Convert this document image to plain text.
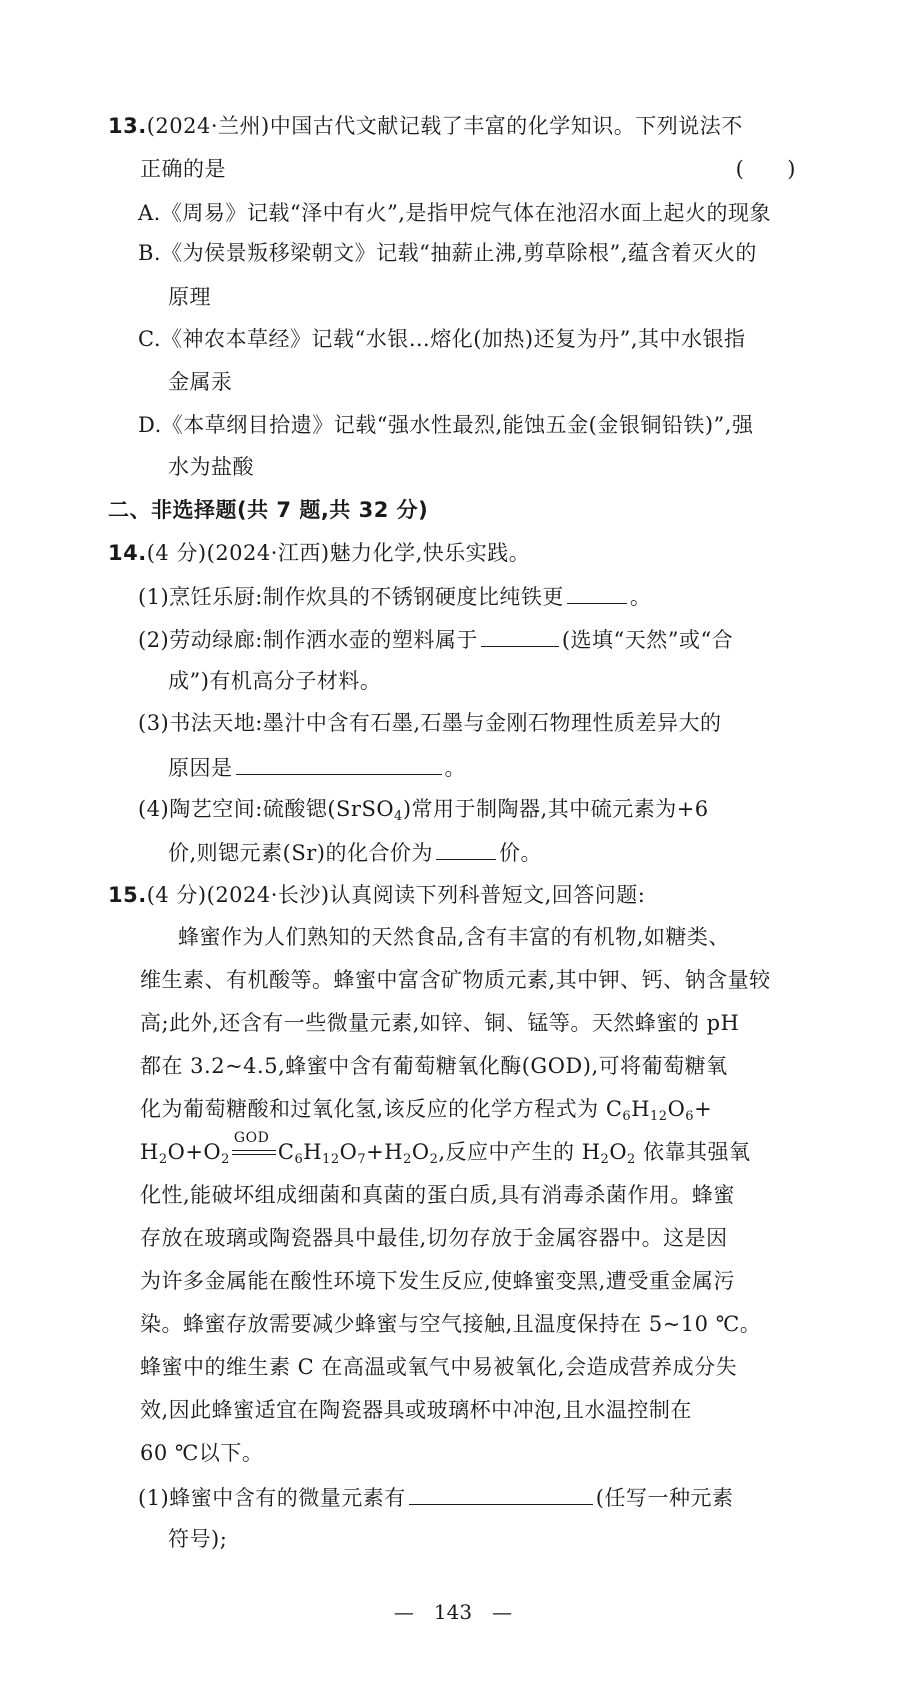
13.(2024·兰州)中国古代文献记载了丰富的化学知识。下列说法不
正确的是	(　　)
A.《周易》记载“泽中有火”,是指甲烷气体在池沼水面上起火的现象
B.《为侯景叛移梁朝文》记载“抽薪止沸,剪草除根”,蕴含着灭火的
原理
C.《神农本草经》记载“水银…熔化(加热)还复为丹”,其中水银指
金属汞
D.《本草纲目拾遗》记载“强水性最烈,能蚀五金(金银铜铅铁)”,强
水为盐酸
二、非选择题(共 7 题,共 32 分)
14.(4 分)(2024·江西)魅力化学,快乐实践。
(1)烹饪乐厨:制作炊具的不锈钢硬度比纯铁更	。
(2)劳动绿廊:制作洒水壶的塑料属于	(选填“天然”或“合
成”)有机高分子材料。
(3)书法天地:墨汁中含有石墨,石墨与金刚石物理性质差异大的
原因是	。
(4)陶艺空间:硫酸锶(SrSO$_4$)常用于制陶器,其中硫元素为+6
价,则锶元素(Sr)的化合价为	价。
15.(4 分)(2024·长沙)认真阅读下列科普短文,回答问题:
蜂蜜作为人们熟知的天然食品,含有丰富的有机物,如糖类、
维生素、有机酸等。蜂蜜中富含矿物质元素,其中钾、钙、钠含量较
高;此外,还含有一些微量元素,如锌、铜、锰等。天然蜂蜜的 pH
都在 3.2~4.5,蜂蜜中含有葡萄糖氧化酶(GOD),可将葡萄糖氧
化为葡萄糖酸和过氧化氢,该反应的化学方程式为 $C_6H_{12}O_6+$
$H_2O+O_2$
GOD
$C_6H_{12}O_7+H_2O_2$,反应中产生的 $H_2O_2$ 依靠其强氧
化性,能破坏组成细菌和真菌的蛋白质,具有消毒杀菌作用。蜂蜜
存放在玻璃或陶瓷器具中最佳,切勿存放于金属容器中。这是因
为许多金属能在酸性环境下发生反应,使蜂蜜变黑,遭受重金属污
染。蜂蜜存放需要减少蜂蜜与空气接触,且温度保持在 5~10 ℃。
蜂蜜中的维生素 C 在高温或氧气中易被氧化,会造成营养成分失
效,因此蜂蜜适宜在陶瓷器具或玻璃杯中冲泡,且水温控制在
60 ℃以下。
(1)蜂蜜中含有的微量元素有	(任写一种元素
符号);
—　143　—
